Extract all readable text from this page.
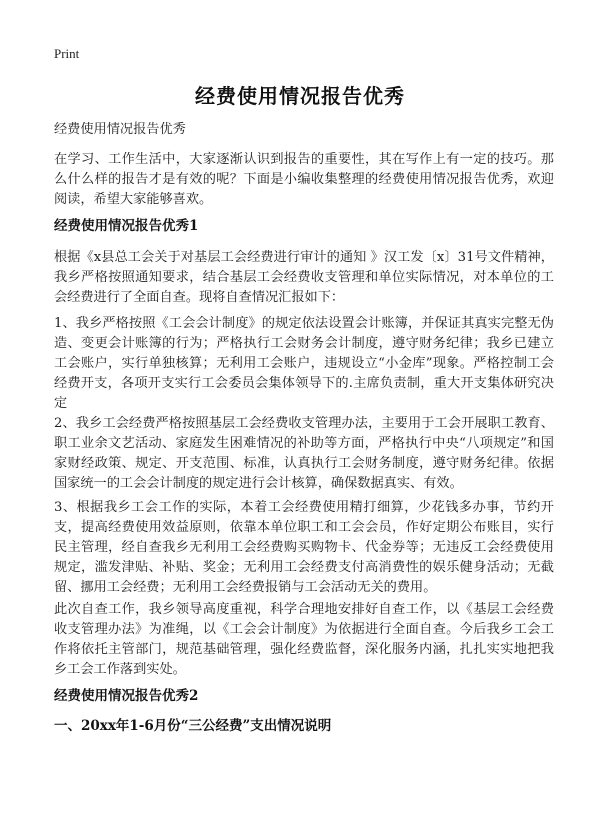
Print
经费使用情况报告优秀
经费使用情况报告优秀
在学习、工作生活中，大家逐渐认识到报告的重要性，其在写作上有一定的技巧。那么什么样的报告才是有效的呢？下面是小编收集整理的经费使用情况报告优秀，欢迎阅读，希望大家能够喜欢。
经费使用情况报告优秀1
根据《x县总工会关于对基层工会经费进行审计的通知 》汉工发〔x〕31号文件精神，我乡严格按照通知要求，结合基层工会经费收支管理和单位实际情况，对本单位的工会经费进行了全面自查。现将自查情况汇报如下：
1、我乡严格按照《工会会计制度》的规定依法设置会计账簿，并保证其真实完整无伪造、变更会计账簿的行为；严格执行工会财务会计制度，遵守财务纪律；我乡已建立工会账户，实行单独核算；无利用工会账户，违规设立“小金库”现象。严格控制工会经费开支，各项开支实行工会委员会集体领导下的.主席负责制，重大开支集体研究决定
2、我乡工会经费严格按照基层工会经费收支管理办法，主要用于工会开展职工教育、职工业余文艺活动、家庭发生困难情况的补助等方面，严格执行中央“八项规定”和国家财经政策、规定、开支范围、标准，认真执行工会财务制度，遵守财务纪律。依据国家统一的工会会计制度的规定进行会计核算，确保数据真实、有效。
3、根据我乡工会工作的实际，本着工会经费使用精打细算，少花钱多办事，节约开支，提高经费使用效益原则，依靠本单位职工和工会会员，作好定期公布账目，实行民主管理，经自查我乡无利用工会经费购买购物卡、代金券等；无违反工会经费使用规定，滥发津贴、补贴、奖金；无利用工会经费支付高消费性的娱乐健身活动；无截留、挪用工会经费；无利用工会经费报销与工会活动无关的费用。
此次自查工作，我乡领导高度重视，科学合理地安排好自查工作，以《基层工会经费收支管理办法》为准绳，以《工会会计制度》为依据进行全面自查。今后我乡工会工作将依托主管部门，规范基础管理，强化经费监督，深化服务内涵，扎扎实实地把我乡工会工作落到实处。
经费使用情况报告优秀2
一、20xx年1-6月份“三公经费”支出情况说明
